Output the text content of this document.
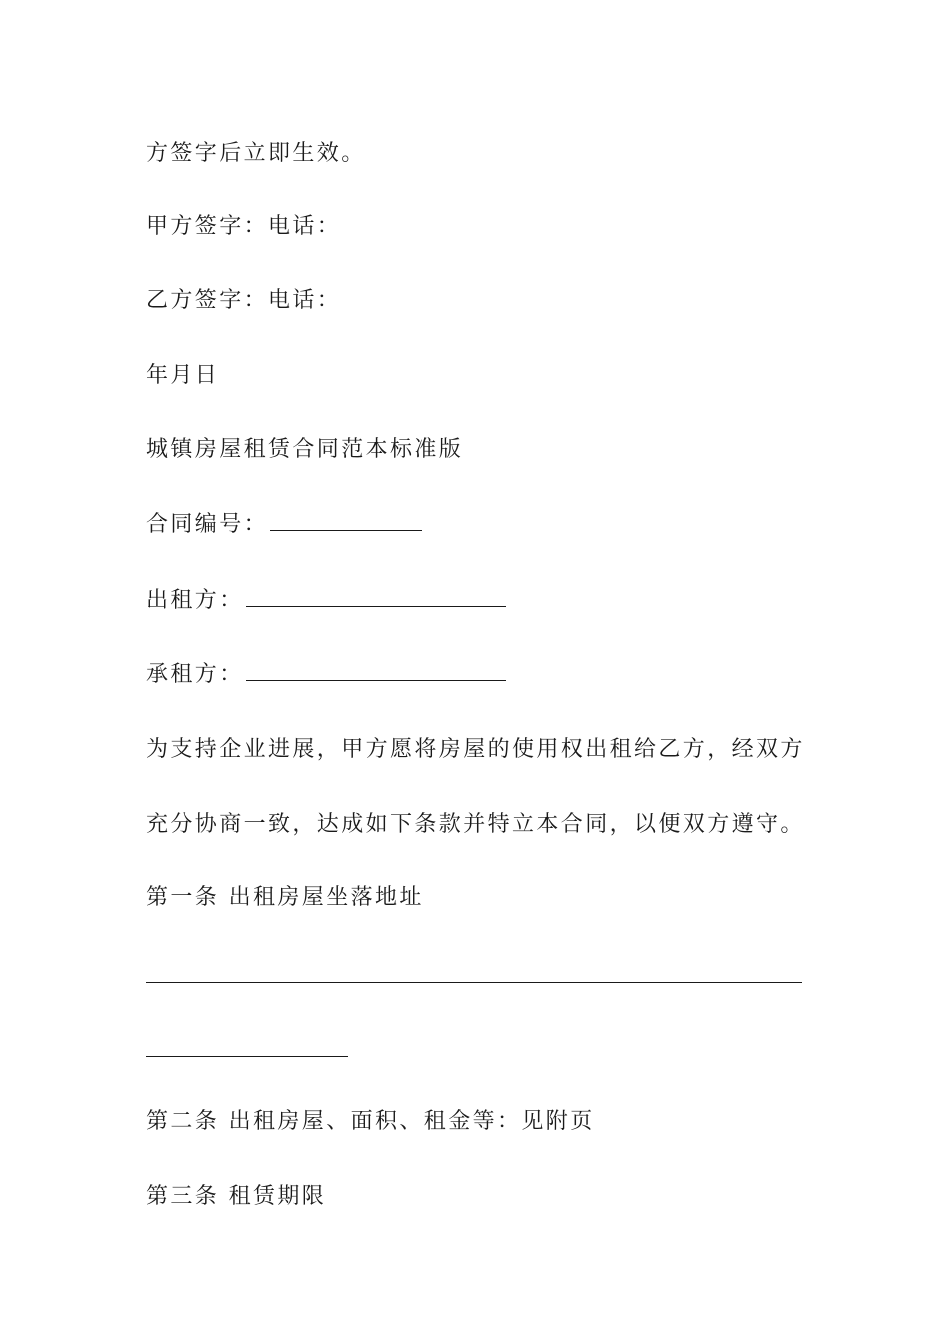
方签字后立即生效。
甲方签字：电话：
乙方签字：电话：
年月日
城镇房屋租赁合同范本标准版
合同编号：
出租方：
承租方：
为支持企业进展，甲方愿将房屋的使用权出租给乙方，经双方
充分协商一致，达成如下条款并特立本合同，以便双方遵守。
第一条 出租房屋坐落地址
第二条 出租房屋、面积、租金等：见附页
第三条 租赁期限
